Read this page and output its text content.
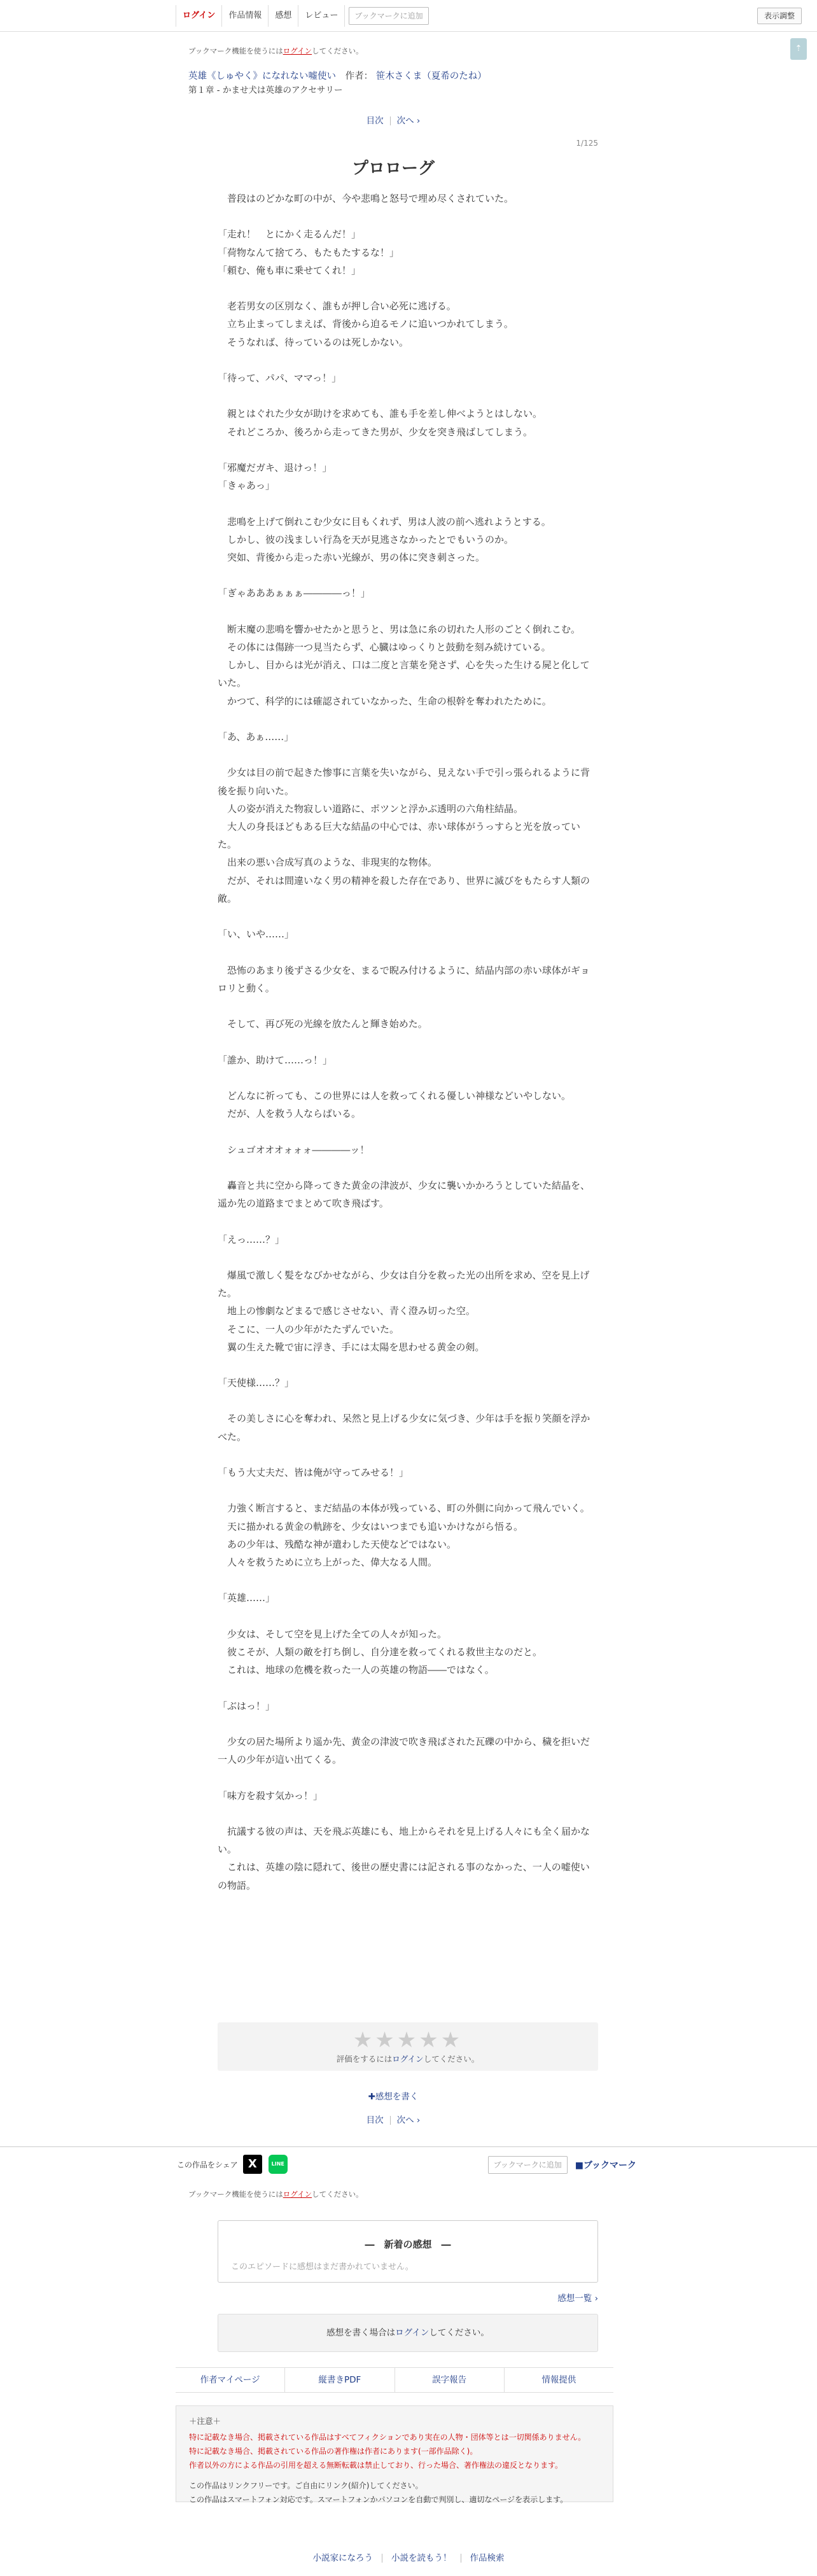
ログイン	作品情報	感想	レビュー	ブックマークに追加	表示調整
⇡
ブックマーク機能を使うにはログインしてください。
英雄《しゅやく》になれない嘘使い 作者： 笹木さくま（夏希のたね）
第１章 - かませ犬は英雄のアクセサリー
目次 次へ ›
1/125
プロローグ

　普段はのどかな町の中が、今や悲鳴と怒号で埋め尽くされていた。

「走れ！　とにかく走るんだ！」

「荷物なんて捨てろ、もたもたするな！」

「頼む、俺も車に乗せてくれ！」

　老若男女の区別なく、誰もが押し合い必死に逃げる。

　立ち止まってしまえば、背後から迫るモノに追いつかれてしまう。

　そうなれば、待っているのは死しかない。

「待って、パパ、ママっ！」

　親とはぐれた少女が助けを求めても、誰も手を差し伸べようとはしない。

　それどころか、後ろから走ってきた男が、少女を突き飛ばしてしまう。

「邪魔だガキ、退けっ！」

「きゃあっ」

　悲鳴を上げて倒れこむ少女に目もくれず、男は人波の前へ逃れようとする。

　しかし、彼の浅ましい行為を天が見逃さなかったとでもいうのか。

　突如、背後から走った赤い光線が、男の体に突き刺さった。

「ぎゃあああぁぁぁ――――っ！」

　断末魔の悲鳴を響かせたかと思うと、男は急に糸の切れた人形のごとく倒れこむ。

　その体には傷跡一つ見当たらず、心臓はゆっくりと鼓動を刻み続けている。

　しかし、目からは光が消え、口は二度と言葉を発さず、心を失った生ける屍と化していた。

　かつて、科学的には確認されていなかった、生命の根幹を奪われたために。

「あ、あぁ……」

　少女は目の前で起きた惨事に言葉を失いながら、見えない手で引っ張られるように背後を振り向いた。

　人の姿が消えた物寂しい道路に、ポツンと浮かぶ透明の六角柱結晶。

　大人の身長ほどもある巨大な結晶の中心では、赤い球体がうっすらと光を放っていた。

　出来の悪い合成写真のような、非現実的な物体。

　だが、それは間違いなく男の精神を殺した存在であり、世界に滅びをもたらす人類の敵。

「い、いや……」

　恐怖のあまり後ずさる少女を、まるで睨み付けるように、結晶内部の赤い球体がギョロリと動く。

　そして、再び死の光線を放たんと輝き始めた。

「誰か、助けて……っ！」

　どんなに祈っても、この世界には人を救ってくれる優しい神様などいやしない。

　だが、人を救う人ならばいる。

　シュゴオオオォォォ――――ッ！

　轟音と共に空から降ってきた黄金の津波が、少女に襲いかかろうとしていた結晶を、遥か先の道路までまとめて吹き飛ばす。

「えっ……？」

　爆風で激しく髪をなびかせながら、少女は自分を救った光の出所を求め、空を見上げた。

　地上の惨劇などまるで感じさせない、青く澄み切った空。

　そこに、一人の少年がたたずんでいた。

　翼の生えた靴で宙に浮き、手には太陽を思わせる黄金の剣。

「天使様……？」

　その美しさに心を奪われ、呆然と見上げる少女に気づき、少年は手を振り笑顔を浮かべた。

「もう大丈夫だ、皆は俺が守ってみせる！」

　力強く断言すると、まだ結晶の本体が残っている、町の外側に向かって飛んでいく。

　天に描かれる黄金の軌跡を、少女はいつまでも追いかけながら悟る。

　あの少年は、残酷な神が遣わした天使などではない。

　人々を救うために立ち上がった、偉大なる人間。

「英雄……」

　少女は、そして空を見上げた全ての人々が知った。

　彼こそが、人類の敵を打ち倒し、自分達を救ってくれる救世主なのだと。

　これは、地球の危機を救った一人の英雄の物語――ではなく。

「ぶはっ！」

　少女の居た場所より遥か先、黄金の津波で吹き飛ばされた瓦礫の中から、穢を拒いだ一人の少年が這い出てくる。

「味方を殺す気かっ！」

　抗議する彼の声は、天を飛ぶ英雄にも、地上からそれを見上げる人々にも全く届かない。

　これは、英雄の陰に隠れて、後世の歴史書には記される事のなかった、一人の嘘使いの物語。

★★★★★
評価をするにはログインしてください。
✚感想を書く
目次 次へ ›
この作品をシェア X	LINE	ブックマークに追加	■ブックマーク
ブックマーク機能を使うにはログインしてください。
―　新着の感想　―
このエピソードに感想はまだ書かれていません。
感想一覧 ›
感想を書く場合はログインしてください。
作者マイページ	縦書きPDF	誤字報告	情報提供
＋注意＋
特に記載なき場合、掲載されている作品はすべてフィクションであり実在の人物・団体等とは一切関係ありません。
特に記載なき場合、掲載されている作品の著作権は作者にあります(一部作品除く)。
作者以外の方による作品の引用を超える無断転載は禁止しており、行った場合、著作権法の違反となります。
この作品はリンクフリーです。ご自由にリンク(紹介)してください。
この作品はスマートフォン対応です。スマートフォンかパソコンを自動で判別し、適切なページを表示します。
小説家になろう 小説を読もう！ 作品検索
